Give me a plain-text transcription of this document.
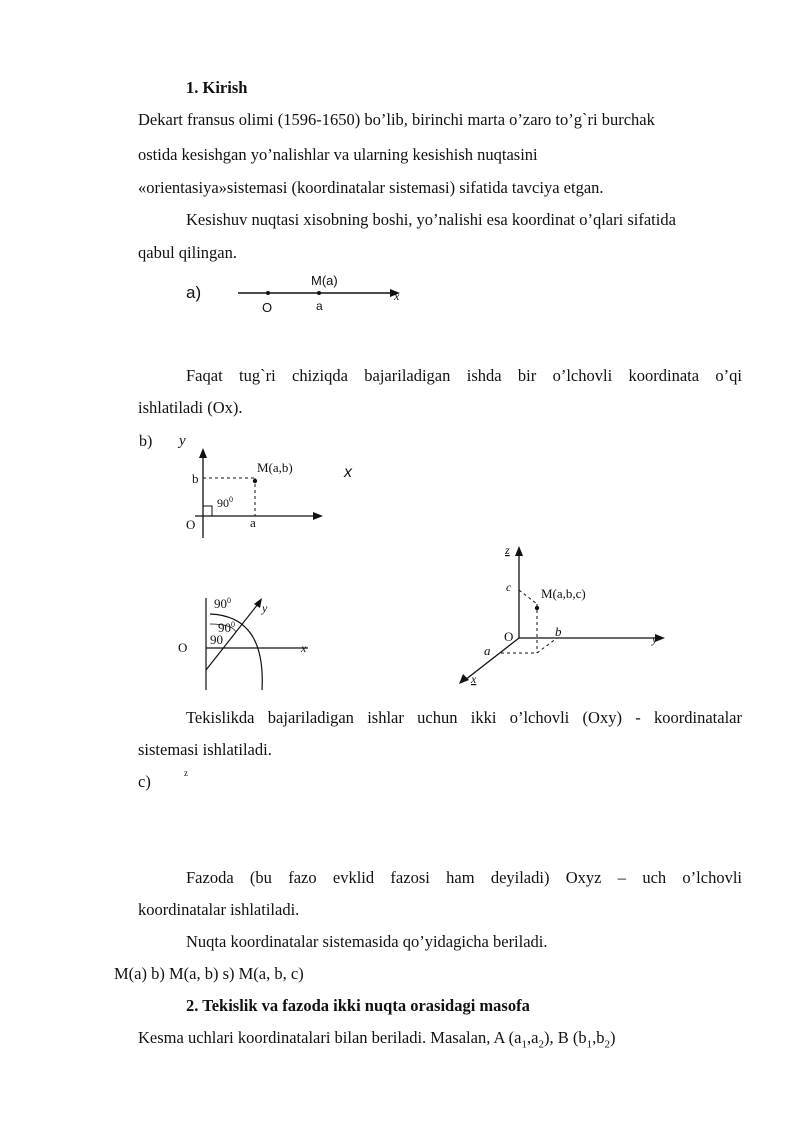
1. Kirish
Dekart fransus olimi (1596-1650) bo’lib, birinchi marta o’zaro to’g`ri burchak
ostida kesishgan yo’nalishlar va ularning kesishish nuqtasini
«orientasiya»sistemasi (koordinatalar sistemasi) sifatida tavciya etgan.
Kesishuv nuqtasi xisobning boshi, yo’nalishi esa koordinat o’qlari sifatida
qabul qilingan.
a)
O	a
M(a)
x
Faqat tug`ri chiziqda bajariladigan ishda bir o’lchovli koordinata o’qi
ishlatiladi (Ox).
b) y
M(a,b)
b
$90^0$
O	a
x
$90^0$
$90^0$
90
O	x
y
z
c M(a,b,c)
O	b	y
a
x
Tekislikda bajariladigan ishlar uchun ikki o’lchovli (Oxy) - koordinatalar
sistemasi ishlatiladi.
c)	z
Fazoda (bu fazo evklid fazosi ham deyiladi) Oxyz – uch o’lchovli
koordinatalar ishlatiladi.
Nuqta koordinatalar sistemasida qo’yidagicha beriladi.
M(a) b) M(a, b) s) M(a, b, c)
2. Tekislik va fazoda ikki nuqta orasidagi masofa
Kesma uchlari koordinatalari bilan beriladi. Masalan, A $(a_1,a_2)$, B $(b_1,b_2)$
